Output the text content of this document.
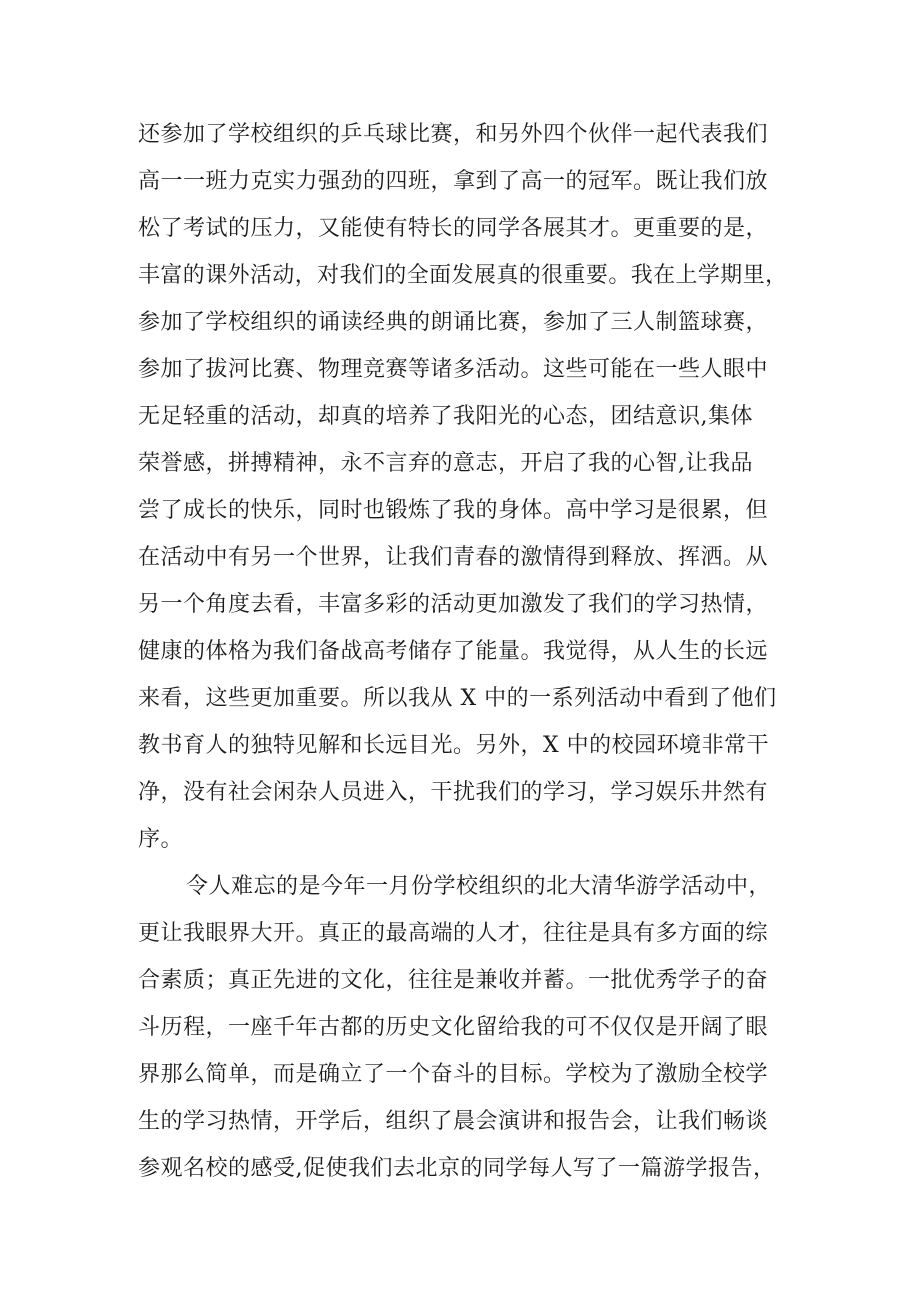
还参加了学校组织的乒乓球比赛，和另外四个伙伴一起代表我们
高一一班力克实力强劲的四班，拿到了高一的冠军。既让我们放
松了考试的压力，又能使有特长的同学各展其才。更重要的是，
丰富的课外活动，对我们的全面发展真的很重要。我在上学期里，
参加了学校组织的诵读经典的朗诵比赛，参加了三人制篮球赛，
参加了拔河比赛、物理竞赛等诸多活动。这些可能在一些人眼中
无足轻重的活动，却真的培养了我阳光的心态，团结意识,集体
荣誉感，拼搏精神，永不言弃的意志，开启了我的心智,让我品
尝了成长的快乐，同时也锻炼了我的身体。高中学习是很累，但
在活动中有另一个世界，让我们青春的激情得到释放、挥洒。从
另一个角度去看，丰富多彩的活动更加激发了我们的学习热情，
健康的体格为我们备战高考储存了能量。我觉得，从人生的长远
来看，这些更加重要。所以我从 X 中的一系列活动中看到了他们
教书育人的独特见解和长远目光。另外，X 中的校园环境非常干
净，没有社会闲杂人员进入，干扰我们的学习，学习娱乐井然有
序。
令人难忘的是今年一月份学校组织的北大清华游学活动中，
更让我眼界大开。真正的最高端的人才，往往是具有多方面的综
合素质；真正先进的文化，往往是兼收并蓄。一批优秀学子的奋
斗历程，一座千年古都的历史文化留给我的可不仅仅是开阔了眼
界那么简单，而是确立了一个奋斗的目标。学校为了激励全校学
生的学习热情，开学后，组织了晨会演讲和报告会，让我们畅谈
参观名校的感受,促使我们去北京的同学每人写了一篇游学报告，
